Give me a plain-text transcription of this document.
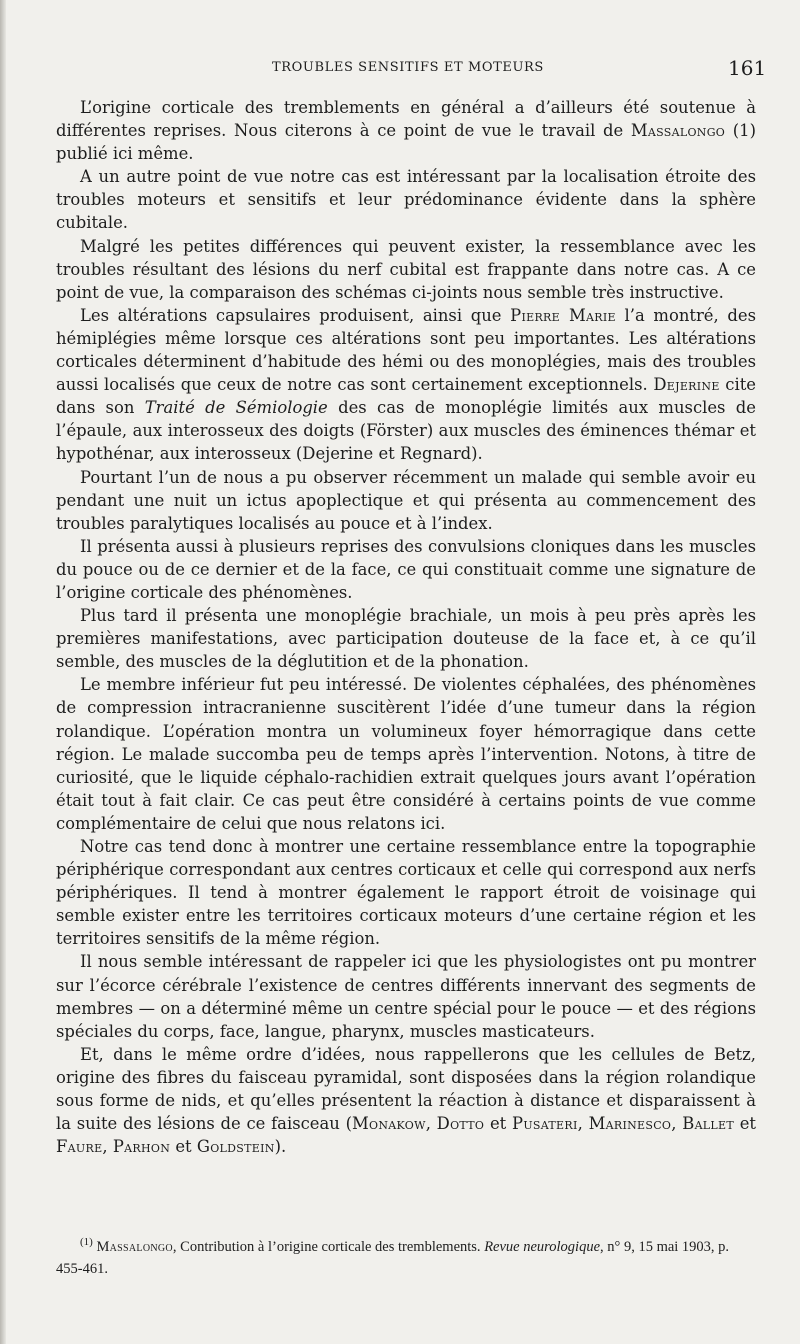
TROUBLES SENSITIFS ET MOTEURS	161

L’origine corticale des tremblements en général a d’ailleurs été soutenue à différentes reprises. Nous citerons à ce point de vue le travail de Massalongo (1) publié ici même.

A un autre point de vue notre cas est intéressant par la localisation étroite des troubles moteurs et sensitifs et leur prédominance évidente dans la sphère cubitale.

Malgré les petites différences qui peuvent exister, la ressemblance avec les troubles résultant des lésions du nerf cubital est frappante dans notre cas. A ce point de vue, la comparaison des schémas ci-joints nous semble très instructive.

Les altérations capsulaires produisent, ainsi que Pierre Marie l’a montré, des hémiplégies même lorsque ces altérations sont peu importantes. Les altérations corticales déterminent d’habitude des hémi ou des monoplégies, mais des troubles aussi localisés que ceux de notre cas sont certainement exceptionnels. Dejerine cite dans son Traité de Sémiologie des cas de monoplégie limités aux muscles de l’épaule, aux interosseux des doigts (Förster) aux muscles des éminences thémar et hypothénar, aux interosseux (Dejerine et Regnard).

Pourtant l’un de nous a pu observer récemment un malade qui semble avoir eu pendant une nuit un ictus apoplectique et qui présenta au commencement des troubles paralytiques localisés au pouce et à l’index.

Il présenta aussi à plusieurs reprises des convulsions cloniques dans les muscles du pouce ou de ce dernier et de la face, ce qui constituait comme une signature de l’origine corticale des phénomènes.

Plus tard il présenta une monoplégie brachiale, un mois à peu près après les premières manifestations, avec participation douteuse de la face et, à ce qu’il semble, des muscles de la déglutition et de la phonation.

Le membre inférieur fut peu intéressé. De violentes céphalées, des phénomènes de compression intracranienne suscitèrent l’idée d’une tumeur dans la région rolandique. L’opération montra un volumineux foyer hémorragique dans cette région. Le malade succomba peu de temps après l’intervention. Notons, à titre de curiosité, que le liquide céphalo-rachidien extrait quelques jours avant l’opération était tout à fait clair. Ce cas peut être considéré à certains points de vue comme complémentaire de celui que nous relatons ici.

Notre cas tend donc à montrer une certaine ressemblance entre la topographie périphérique correspondant aux centres corticaux et celle qui correspond aux nerfs périphériques. Il tend à montrer également le rapport étroit de voisinage qui semble exister entre les territoires corticaux moteurs d’une certaine région et les territoires sensitifs de la même région.

Il nous semble intéressant de rappeler ici que les physiologistes ont pu montrer sur l’écorce cérébrale l’existence de centres différents innervant des segments de membres — on a déterminé même un centre spécial pour le pouce — et des régions spéciales du corps, face, langue, pharynx, muscles masticateurs.

Et, dans le même ordre d’idées, nous rappellerons que les cellules de Betz, origine des fibres du faisceau pyramidal, sont disposées dans la région rolandique sous forme de nids, et qu’elles présentent la réaction à distance et disparaissent à la suite des lésions de ce faisceau (Monakow, Dotto et Pusateri, Marinesco, Ballet et Faure, Parhon et Goldstein).

$^{(1)}$ Massalongo, Contribution à l’origine corticale des tremblements. Revue neurologique, n° 9, 15 mai 1903, p. 455-461.
